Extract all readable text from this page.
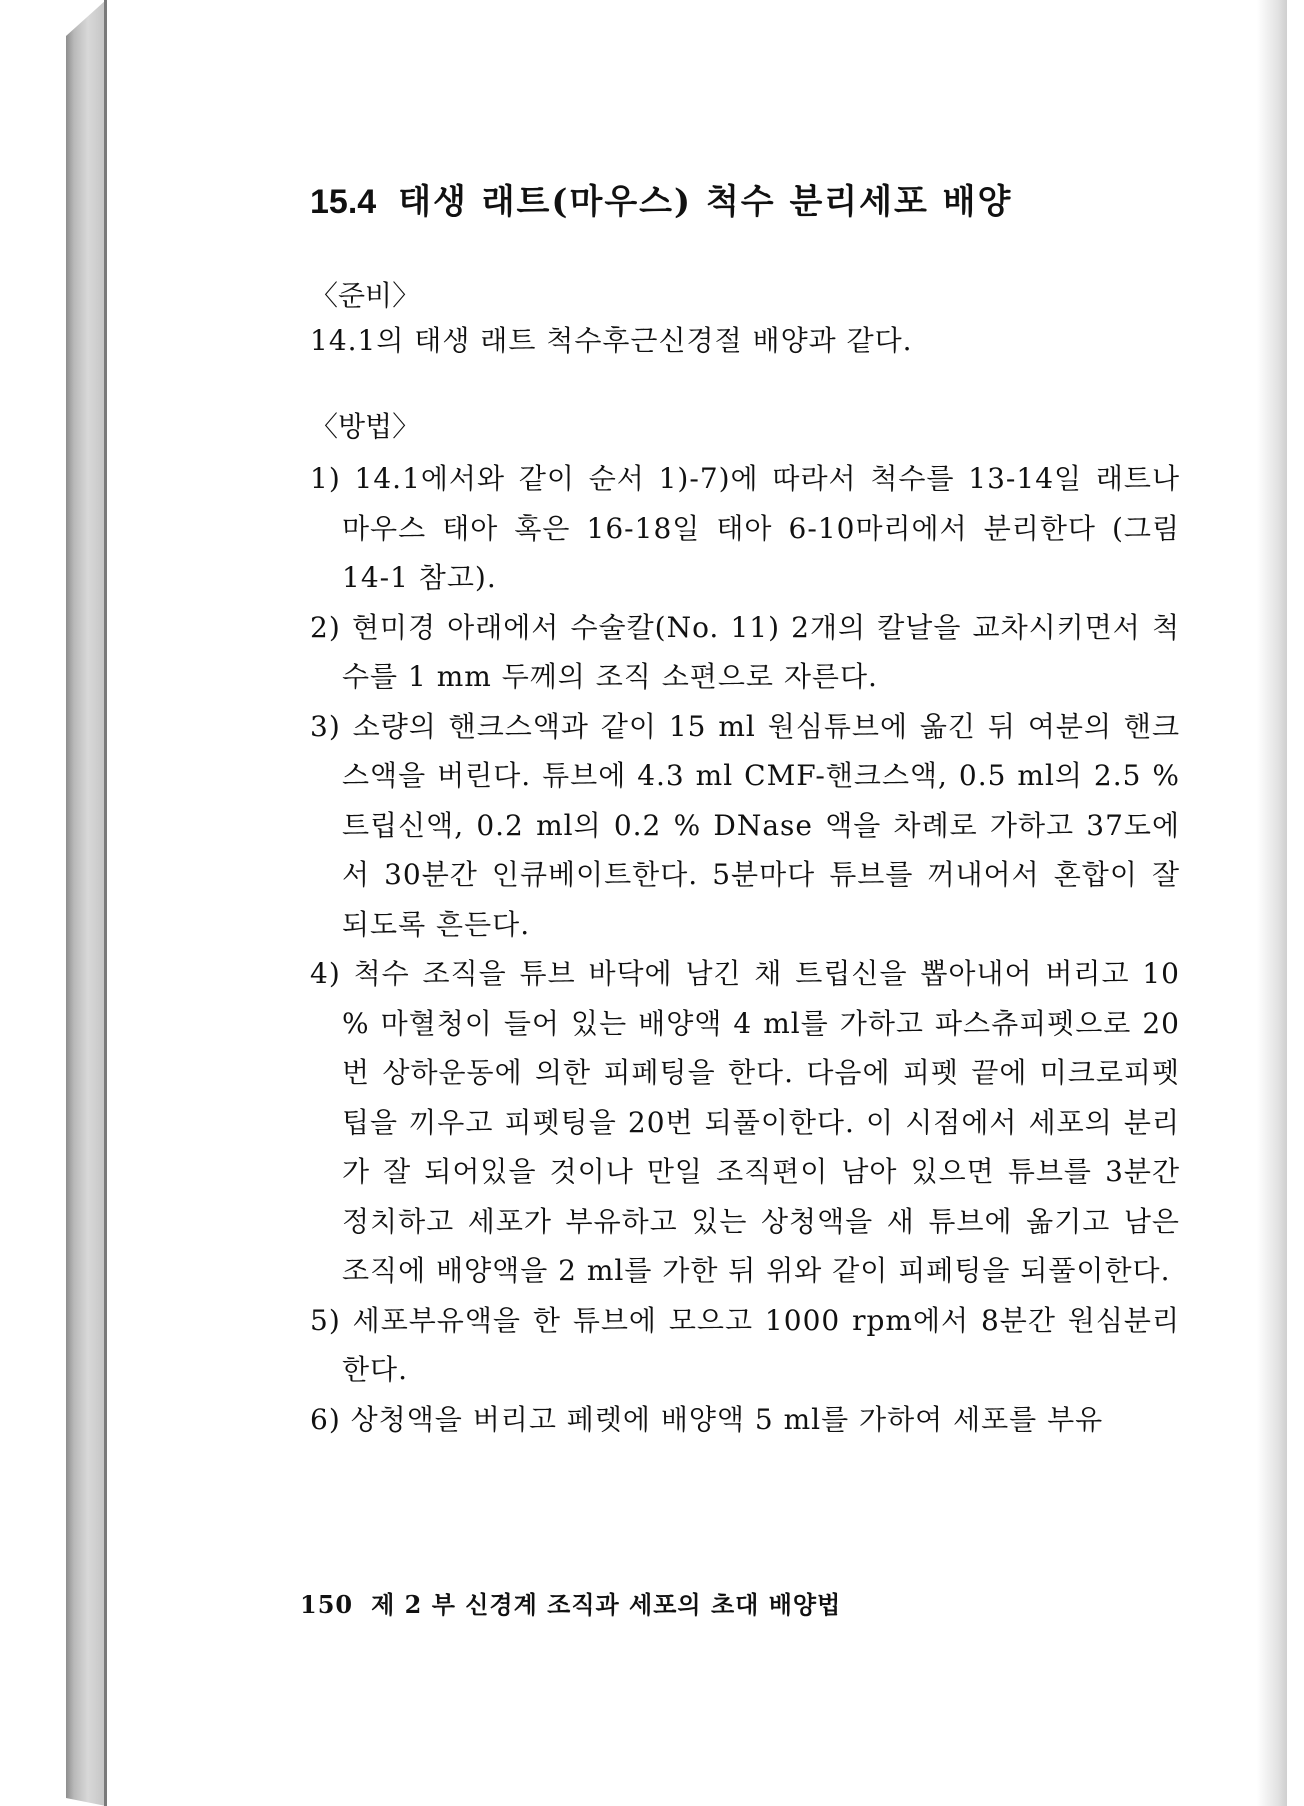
15.4 태생 래트(마우스) 척수 분리세포 배양

〈준비〉

14.1의 태생 래트 척수후근신경절 배양과 같다.

〈방법〉

1) 14.1에서와 같이 순서 1)-7)에 따라서 척수를 13-14일 래트나 마우스 태아 혹은 16-18일 태아 6-10마리에서 분리한다 (그림 14-1 참고).
2) 현미경 아래에서 수술칼(No. 11) 2개의 칼날을 교차시키면서 척수를 1 mm 두께의 조직 소편으로 자른다.
3) 소량의 핸크스액과 같이 15 ml 원심튜브에 옮긴 뒤 여분의 핸크스액을 버린다. 튜브에 4.3 ml CMF-핸크스액, 0.5 ml의 2.5 % 트립신액, 0.2 ml의 0.2 % DNase 액을 차례로 가하고 37도에서 30분간 인큐베이트한다. 5분마다 튜브를 꺼내어서 혼합이 잘 되도록 흔든다.
4) 척수 조직을 튜브 바닥에 남긴 채 트립신을 뽑아내어 버리고 10 % 마혈청이 들어 있는 배양액 4 ml를 가하고 파스츄피펫으로 20번 상하운동에 의한 피페팅을 한다. 다음에 피펫 끝에 미크로피펫팁을 끼우고 피펫팅을 20번 되풀이한다. 이 시점에서 세포의 분리가 잘 되어있을 것이나 만일 조직편이 남아 있으면 튜브를 3분간 정치하고 세포가 부유하고 있는 상청액을 새 튜브에 옮기고 남은 조직에 배양액을 2 ml를 가한 뒤 위와 같이 피페팅을 되풀이한다.
5) 세포부유액을 한 튜브에 모으고 1000 rpm에서 8분간 원심분리한다.
6) 상청액을 버리고 페렛에 배양액 5 ml를 가하여 세포를 부유
150 제 2 부 신경계 조직과 세포의 초대 배양법
